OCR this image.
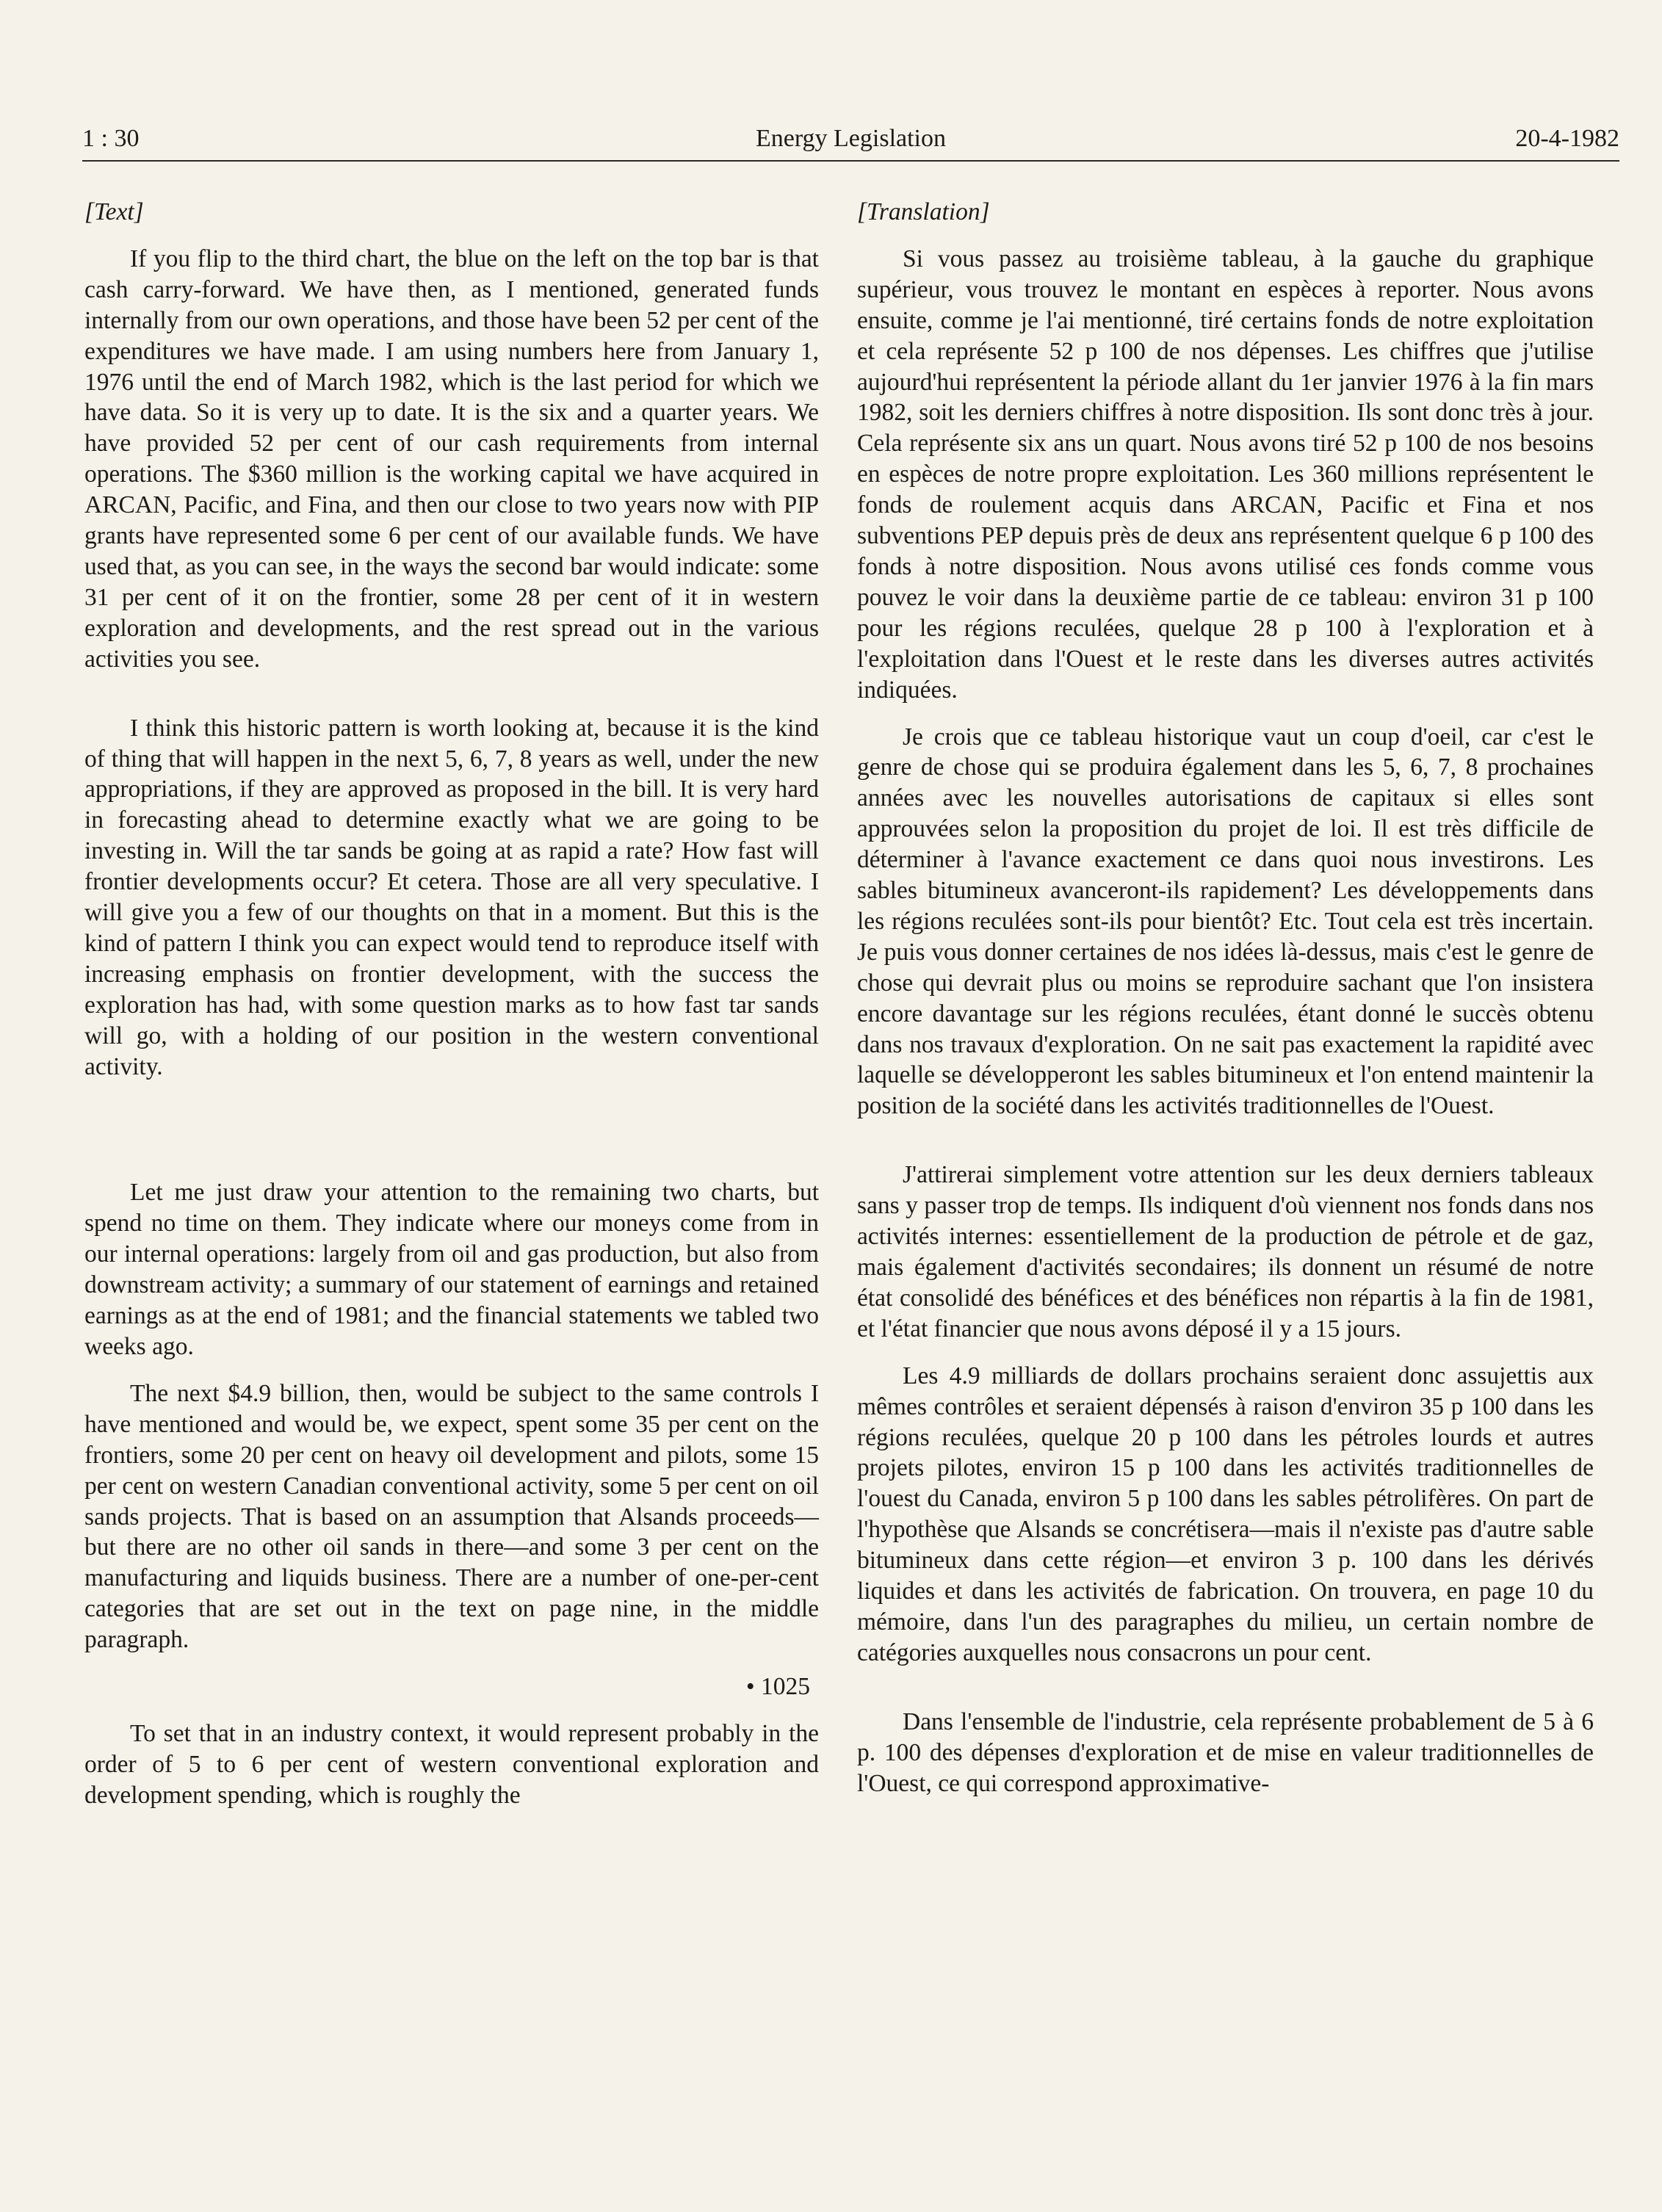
1 : 30	Energy Legislation	20-4-1982

[Text]

If you flip to the third chart, the blue on the left on the top bar is that cash carry-forward. We have then, as I mentioned, generated funds internally from our own operations, and those have been 52 per cent of the expenditures we have made. I am using numbers here from January 1, 1976 until the end of March 1982, which is the last period for which we have data. So it is very up to date. It is the six and a quarter years. We have provided 52 per cent of our cash requirements from internal operations. The $360 million is the working capital we have acquired in ARCAN, Pacific, and Fina, and then our close to two years now with PIP grants have represented some 6 per cent of our available funds. We have used that, as you can see, in the ways the second bar would indicate: some 31 per cent of it on the frontier, some 28 per cent of it in western exploration and developments, and the rest spread out in the various activities you see.

I think this historic pattern is worth looking at, because it is the kind of thing that will happen in the next 5, 6, 7, 8 years as well, under the new appropriations, if they are approved as proposed in the bill. It is very hard in forecasting ahead to determine exactly what we are going to be investing in. Will the tar sands be going at as rapid a rate? How fast will frontier developments occur? Et cetera. Those are all very speculative. I will give you a few of our thoughts on that in a moment. But this is the kind of pattern I think you can expect would tend to reproduce itself with increasing emphasis on frontier development, with the success the exploration has had, with some question marks as to how fast tar sands will go, with a holding of our position in the western conventional activity.

Let me just draw your attention to the remaining two charts, but spend no time on them. They indicate where our moneys come from in our internal operations: largely from oil and gas production, but also from downstream activity; a summary of our statement of earnings and retained earnings as at the end of 1981; and the financial statements we tabled two weeks ago.

The next $4.9 billion, then, would be subject to the same controls I have mentioned and would be, we expect, spent some 35 per cent on the frontiers, some 20 per cent on heavy oil development and pilots, some 15 per cent on western Canadian conventional activity, some 5 per cent on oil sands projects. That is based on an assumption that Alsands proceeds—but there are no other oil sands in there—and some 3 per cent on the manufacturing and liquids business. There are a number of one-per-cent categories that are set out in the text on page nine, in the middle paragraph.

• 1025

To set that in an industry context, it would represent probably in the order of 5 to 6 per cent of western conventional exploration and development spending, which is roughly the

[Translation]

Si vous passez au troisième tableau, à la gauche du graphique supérieur, vous trouvez le montant en espèces à reporter. Nous avons ensuite, comme je l'ai mentionné, tiré certains fonds de notre exploitation et cela représente 52 p 100 de nos dépenses. Les chiffres que j'utilise aujourd'hui représentent la période allant du 1er janvier 1976 à la fin mars 1982, soit les derniers chiffres à notre disposition. Ils sont donc très à jour. Cela représente six ans un quart. Nous avons tiré 52 p 100 de nos besoins en espèces de notre propre exploitation. Les 360 millions représentent le fonds de roulement acquis dans ARCAN, Pacific et Fina et nos subventions PEP depuis près de deux ans représentent quelque 6 p 100 des fonds à notre disposition. Nous avons utilisé ces fonds comme vous pouvez le voir dans la deuxième partie de ce tableau: environ 31 p 100 pour les régions reculées, quelque 28 p 100 à l'exploration et à l'exploitation dans l'Ouest et le reste dans les diverses autres activités indiquées.

Je crois que ce tableau historique vaut un coup d'oeil, car c'est le genre de chose qui se produira également dans les 5, 6, 7, 8 prochaines années avec les nouvelles autorisations de capitaux si elles sont approuvées selon la proposition du projet de loi. Il est très difficile de déterminer à l'avance exactement ce dans quoi nous investirons. Les sables bitumineux avanceront-ils rapidement? Les développements dans les régions reculées sont-ils pour bientôt? Etc. Tout cela est très incertain. Je puis vous donner certaines de nos idées là-dessus, mais c'est le genre de chose qui devrait plus ou moins se reproduire sachant que l'on insistera encore davantage sur les régions reculées, étant donné le succès obtenu dans nos travaux d'exploration. On ne sait pas exactement la rapidité avec laquelle se développeront les sables bitumineux et l'on entend maintenir la position de la société dans les activités traditionnelles de l'Ouest.

J'attirerai simplement votre attention sur les deux derniers tableaux sans y passer trop de temps. Ils indiquent d'où viennent nos fonds dans nos activités internes: essentiellement de la production de pétrole et de gaz, mais également d'activités secondaires; ils donnent un résumé de notre état consolidé des bénéfices et des bénéfices non répartis à la fin de 1981, et l'état financier que nous avons déposé il y a 15 jours.

Les 4.9 milliards de dollars prochains seraient donc assujettis aux mêmes contrôles et seraient dépensés à raison d'environ 35 p 100 dans les régions reculées, quelque 20 p 100 dans les pétroles lourds et autres projets pilotes, environ 15 p 100 dans les activités traditionnelles de l'ouest du Canada, environ 5 p 100 dans les sables pétrolifères. On part de l'hypothèse que Alsands se concrétisera—mais il n'existe pas d'autre sable bitumineux dans cette région—et environ 3 p. 100 dans les dérivés liquides et dans les activités de fabrication. On trouvera, en page 10 du mémoire, dans l'un des paragraphes du milieu, un certain nombre de catégories auxquelles nous consacrons un pour cent.

Dans l'ensemble de l'industrie, cela représente probablement de 5 à 6 p. 100 des dépenses d'exploration et de mise en valeur traditionnelles de l'Ouest, ce qui correspond approximative-
